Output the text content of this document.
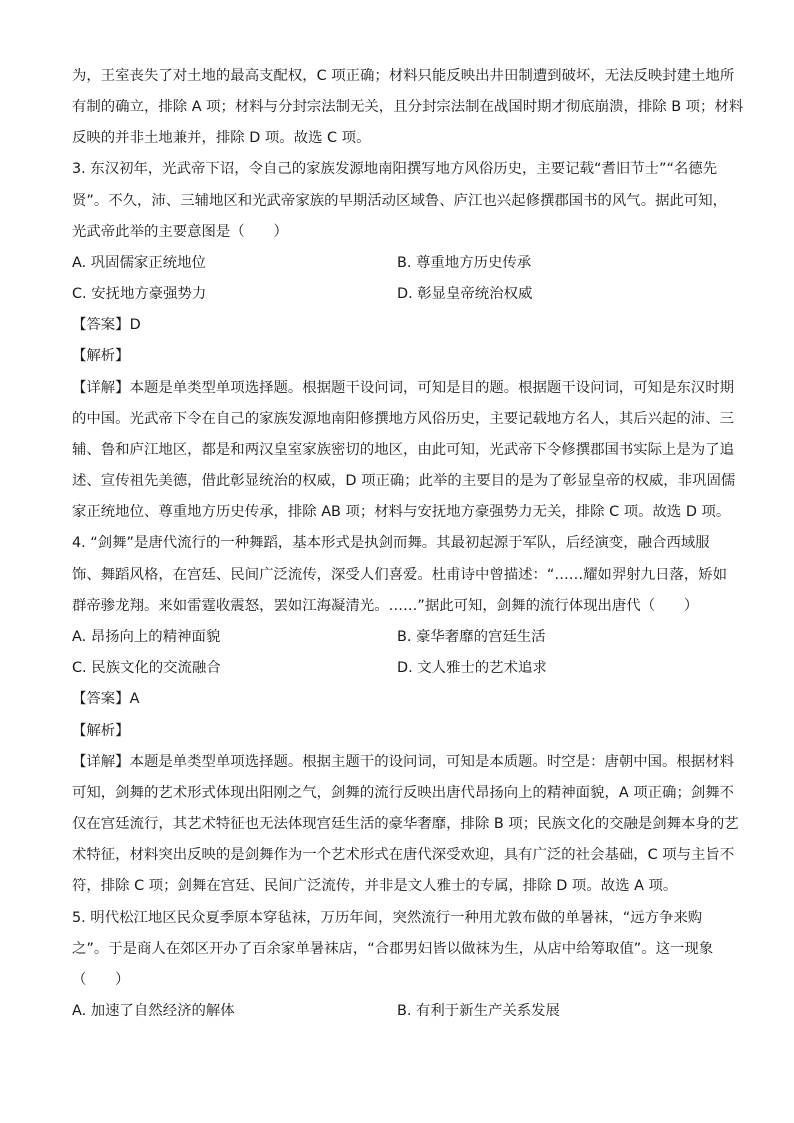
为，王室丧失了对土地的最高支配权，C 项正确；材料只能反映出井田制遭到破坏，无法反映封建土地所
有制的确立，排除 A 项；材料与分封宗法制无关，且分封宗法制在战国时期才彻底崩溃，排除 B 项；材料
反映的并非土地兼并，排除 D 项。故选 C 项。
3. 东汉初年，光武帝下诏，令自己的家族发源地南阳撰写地方风俗历史，主要记载“耆旧节士”“名德先
贤”。不久，沛、三辅地区和光武帝家族的早期活动区域鲁、庐江也兴起修撰郡国书的风气。据此可知，
光武帝此举的主要意图是（　　）
A. 巩固儒家正统地位	B. 尊重地方历史传承
C. 安抚地方豪强势力	D. 彰显皇帝统治权威
【答案】D
【解析】
【详解】本题是单类型单项选择题。根据题干设问词，可知是目的题。根据题干设问词，可知是东汉时期
的中国。光武帝下令在自己的家族发源地南阳修撰地方风俗历史，主要记载地方名人，其后兴起的沛、三
辅、鲁和庐江地区，都是和两汉皇室家族密切的地区，由此可知，光武帝下令修撰郡国书实际上是为了追
述、宣传祖先美德，借此彰显统治的权威，D 项正确；此举的主要目的是为了彰显皇帝的权威，非巩固儒
家正统地位、尊重地方历史传承，排除 AB 项；材料与安抚地方豪强势力无关，排除 C 项。故选 D 项。
4. “剑舞”是唐代流行的一种舞蹈，基本形式是执剑而舞。其最初起源于军队，后经演变，融合西域服
饰、舞蹈风格，在宫廷、民间广泛流传，深受人们喜爱。杜甫诗中曾描述：“……耀如羿射九日落，矫如
群帝骖龙翔。来如雷霆收震怒，罢如江海凝清光。……”据此可知，剑舞的流行体现出唐代（　　）
A. 昂扬向上的精神面貌	B. 豪华奢靡的宫廷生活
C. 民族文化的交流融合	D. 文人雅士的艺术追求
【答案】A
【解析】
【详解】本题是单类型单项选择题。根据主题干的设问词，可知是本质题。时空是：唐朝中国。根据材料
可知，剑舞的艺术形式体现出阳刚之气，剑舞的流行反映出唐代昂扬向上的精神面貌，A 项正确；剑舞不
仅在宫廷流行，其艺术特征也无法体现宫廷生活的豪华奢靡，排除 B 项；民族文化的交融是剑舞本身的艺
术特征，材料突出反映的是剑舞作为一个艺术形式在唐代深受欢迎，具有广泛的社会基础，C 项与主旨不
符，排除 C 项；剑舞在宫廷、民间广泛流传，并非是文人雅士的专属，排除 D 项。故选 A 项。
5. 明代松江地区民众夏季原本穿毡袜，万历年间，突然流行一种用尤敦布做的单暑袜，“远方争来购
之”。于是商人在郊区开办了百余家单暑袜店，“合郡男妇皆以做袜为生，从店中给筹取值”。这一现象
（　　）
A. 加速了自然经济的解体	B. 有利于新生产关系发展
